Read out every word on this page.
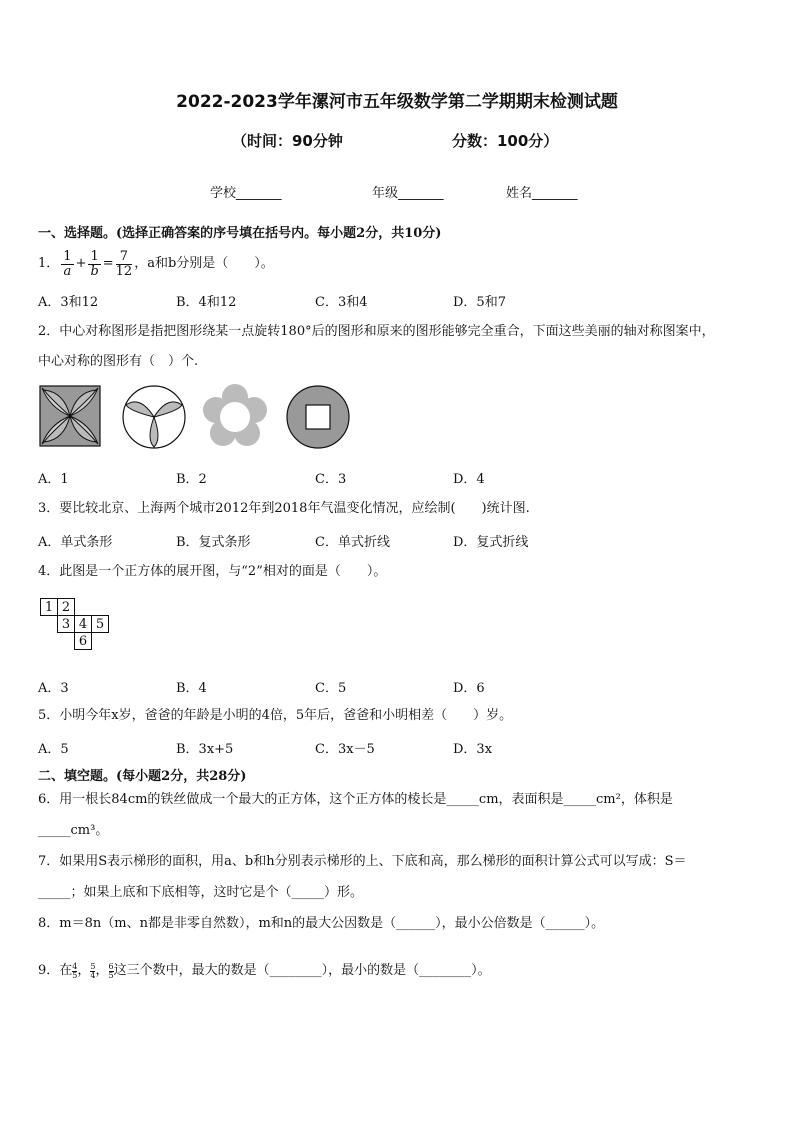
2022-2023学年漯河市五年级数学第二学期期末检测试题
（时间：90分钟	分数：100分）
学校_______	年级_______	姓名_______
一、选择题。(选择正确答案的序号填在括号内。每小题2分，共10分)
1． $\frac{1}{a} + \frac{1}{b} = \frac{7}{12}$ ，a和b分别是（　　）。
A．3和12	B．4和12	C．3和4	D．5和7
2．中心对称图形是指把图形绕某一点旋转180°后的图形和原来的图形能够完全重合，下面这些美丽的轴对称图案中，
中心对称的图形有（　）个.
A．1	B．2	C．3	D．4
3．要比较北京、上海两个城市2012年到2018年气温变化情况，应绘制(　　)统计图.
A．单式条形	B．复式条形	C．单式折线	D．复式折线
4．此图是一个正方体的展开图，与“2”相对的面是（　　）。
1	2		
	3	4	5
		6	
A．3	B．4	C．5	D．6
5．小明今年x岁，爸爸的年龄是小明的4倍，5年后，爸爸和小明相差（　　）岁。
A．5	B．3x+5	C．3x－5	D．3x
二、填空题。(每小题2分，共28分)
6．用一根长84cm的铁丝做成一个最大的正方体，这个正方体的棱长是_____cm，表面积是_____cm²，体积是
_____cm³。
7．如果用S表示梯形的面积，用a、b和h分别表示梯形的上、下底和高，那么梯形的面积计算公式可以写成：S＝
_____；如果上底和下底相等，这时它是个（_____）形。
8．m＝8n（m、n都是非零自然数），m和n的最大公因数是（______），最小公倍数是（______）。
9．在 4
5 ， 5
4 ， 6
5 这三个数中，最大的数是（________），最小的数是（________）。
